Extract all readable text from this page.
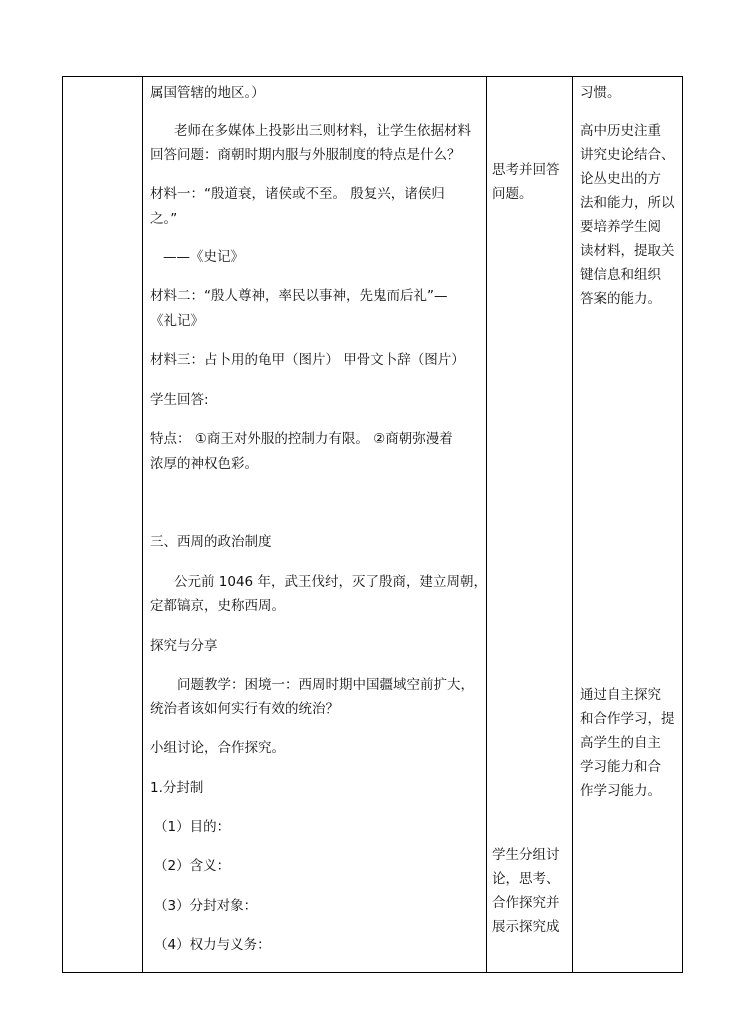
属国管辖的地区。）
老师在多媒体上投影出三则材料，让学生依据材料
回答问题：商朝时期内服与外服制度的特点是什么？
材料一：“殷道衰，诸侯或不至。 殷复兴，诸侯归
之。”
——《史记》
材料二：“殷人尊神，率民以事神，先鬼而后礼”—
《礼记》
材料三：占卜用的龟甲（图片） 甲骨文卜辞（图片）
学生回答:
特点： ①商王对外服的控制力有限。 ②商朝弥漫着
浓厚的神权色彩。
三、西周的政治制度
公元前 1046 年，武王伐纣，灭了殷商，建立周朝，
定都镐京，史称西周。
探究与分享
问题教学：困境一：西周时期中国疆域空前扩大，
统治者该如何实行有效的统治？
小组讨论，合作探究。
1.分封制
（1）目的：
（2）含义：
（3）分封对象：
（4）权力与义务：

思考并回答
问题。
学生分组讨
论，思考、
合作探究并
展示探究成

习惯。
高中历史注重
讲究史论结合、
论丛史出的方
法和能力，所以
要培养学生阅
读材料，提取关
键信息和组织
答案的能力。
通过自主探究
和合作学习，提
高学生的自主
学习能力和合
作学习能力。
